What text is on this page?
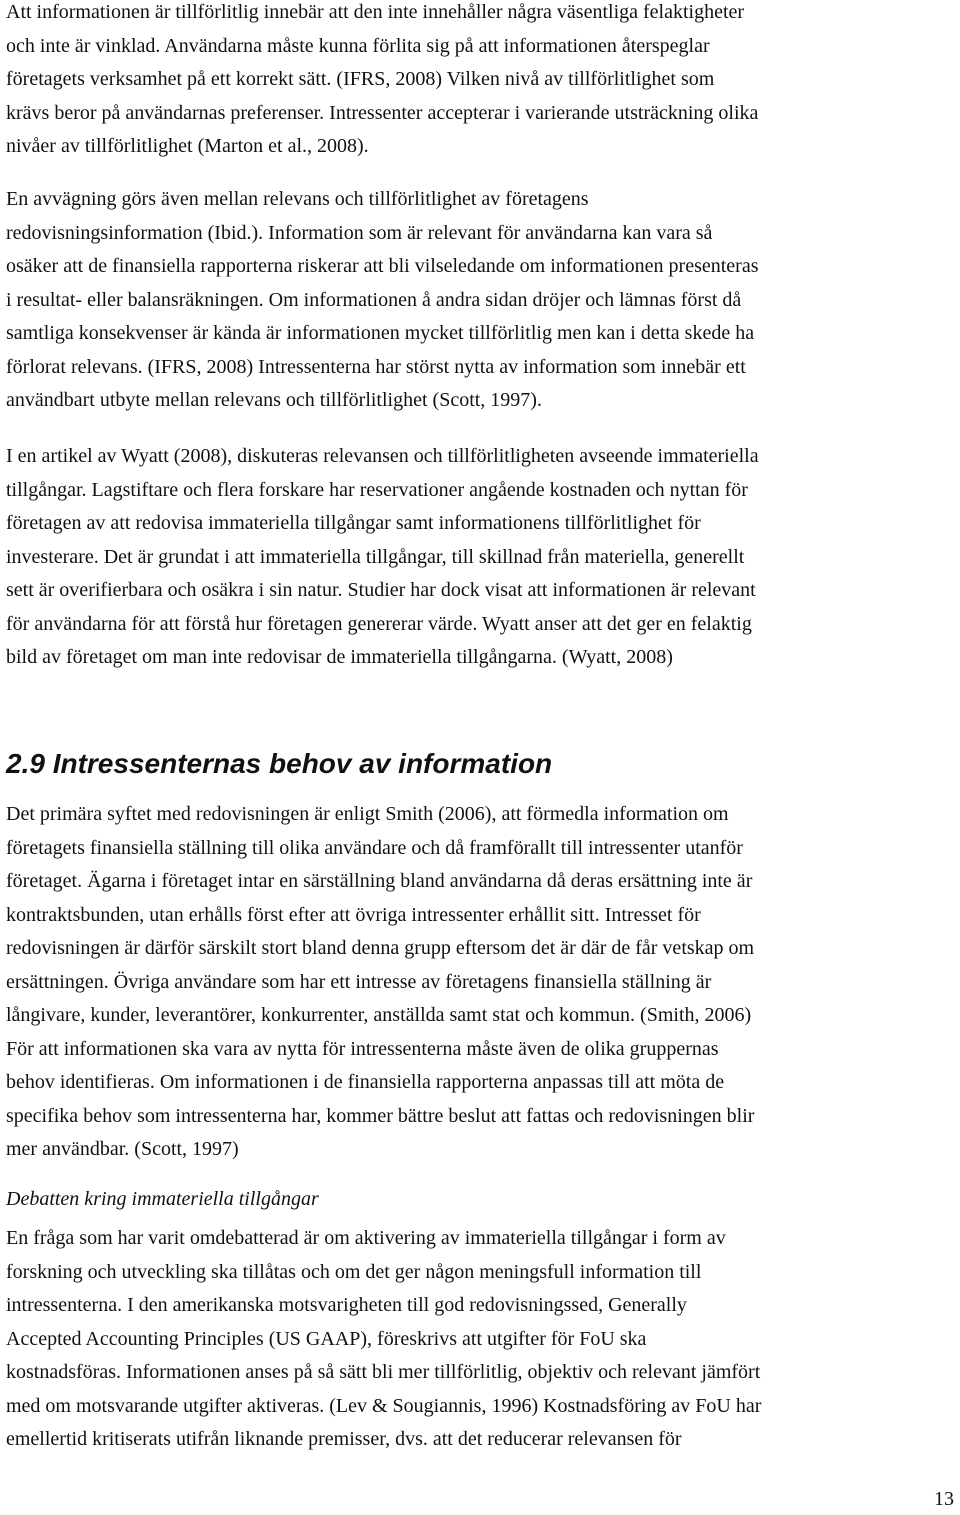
Att informationen är tillförlitlig innebär att den inte innehåller några väsentliga felaktigheter
och inte är vinklad. Användarna måste kunna förlita sig på att informationen återspeglar
företagets verksamhet på ett korrekt sätt. (IFRS, 2008) Vilken nivå av tillförlitlighet som
krävs beror på användarnas preferenser. Intressenter accepterar i varierande utsträckning olika
nivåer av tillförlitlighet (Marton et al., 2008).
En avvägning görs även mellan relevans och tillförlitlighet av företagens
redovisningsinformation (Ibid.). Information som är relevant för användarna kan vara så
osäker att de finansiella rapporterna riskerar att bli vilseledande om informationen presenteras
i resultat- eller balansräkningen. Om informationen å andra sidan dröjer och lämnas först då
samtliga konsekvenser är kända är informationen mycket tillförlitlig men kan i detta skede ha
förlorat relevans. (IFRS, 2008) Intressenterna har störst nytta av information som innebär ett
användbart utbyte mellan relevans och tillförlitlighet (Scott, 1997).
I en artikel av Wyatt (2008), diskuteras relevansen och tillförlitligheten avseende immateriella
tillgångar. Lagstiftare och flera forskare har reservationer angående kostnaden och nyttan för
företagen av att redovisa immateriella tillgångar samt informationens tillförlitlighet för
investerare. Det är grundat i att immateriella tillgångar, till skillnad från materiella, generellt
sett är overifierbara och osäkra i sin natur. Studier har dock visat att informationen är relevant
för användarna för att förstå hur företagen genererar värde. Wyatt anser att det ger en felaktig
bild av företaget om man inte redovisar de immateriella tillgångarna. (Wyatt, 2008)
2.9 Intressenternas behov av information
Det primära syftet med redovisningen är enligt Smith (2006), att förmedla information om
företagets finansiella ställning till olika användare och då framförallt till intressenter utanför
företaget. Ägarna i företaget intar en särställning bland användarna då deras ersättning inte är
kontraktsbunden, utan erhålls först efter att övriga intressenter erhållit sitt. Intresset för
redovisningen är därför särskilt stort bland denna grupp eftersom det är där de får vetskap om
ersättningen. Övriga användare som har ett intresse av företagens finansiella ställning är
långivare, kunder, leverantörer, konkurrenter, anställda samt stat och kommun. (Smith, 2006)
För att informationen ska vara av nytta för intressenterna måste även de olika gruppernas
behov identifieras. Om informationen i de finansiella rapporterna anpassas till att möta de
specifika behov som intressenterna har, kommer bättre beslut att fattas och redovisningen blir
mer användbar. (Scott, 1997)
Debatten kring immateriella tillgångar
En fråga som har varit omdebatterad är om aktivering av immateriella tillgångar i form av
forskning och utveckling ska tillåtas och om det ger någon meningsfull information till
intressenterna. I den amerikanska motsvarigheten till god redovisningssed, Generally
Accepted Accounting Principles (US GAAP), föreskrivs att utgifter för FoU ska
kostnadsföras. Informationen anses på så sätt bli mer tillförlitlig, objektiv och relevant jämfört
med om motsvarande utgifter aktiveras. (Lev & Sougiannis, 1996) Kostnadsföring av FoU har
emellertid kritiserats utifrån liknande premisser, dvs. att det reducerar relevansen för
13
